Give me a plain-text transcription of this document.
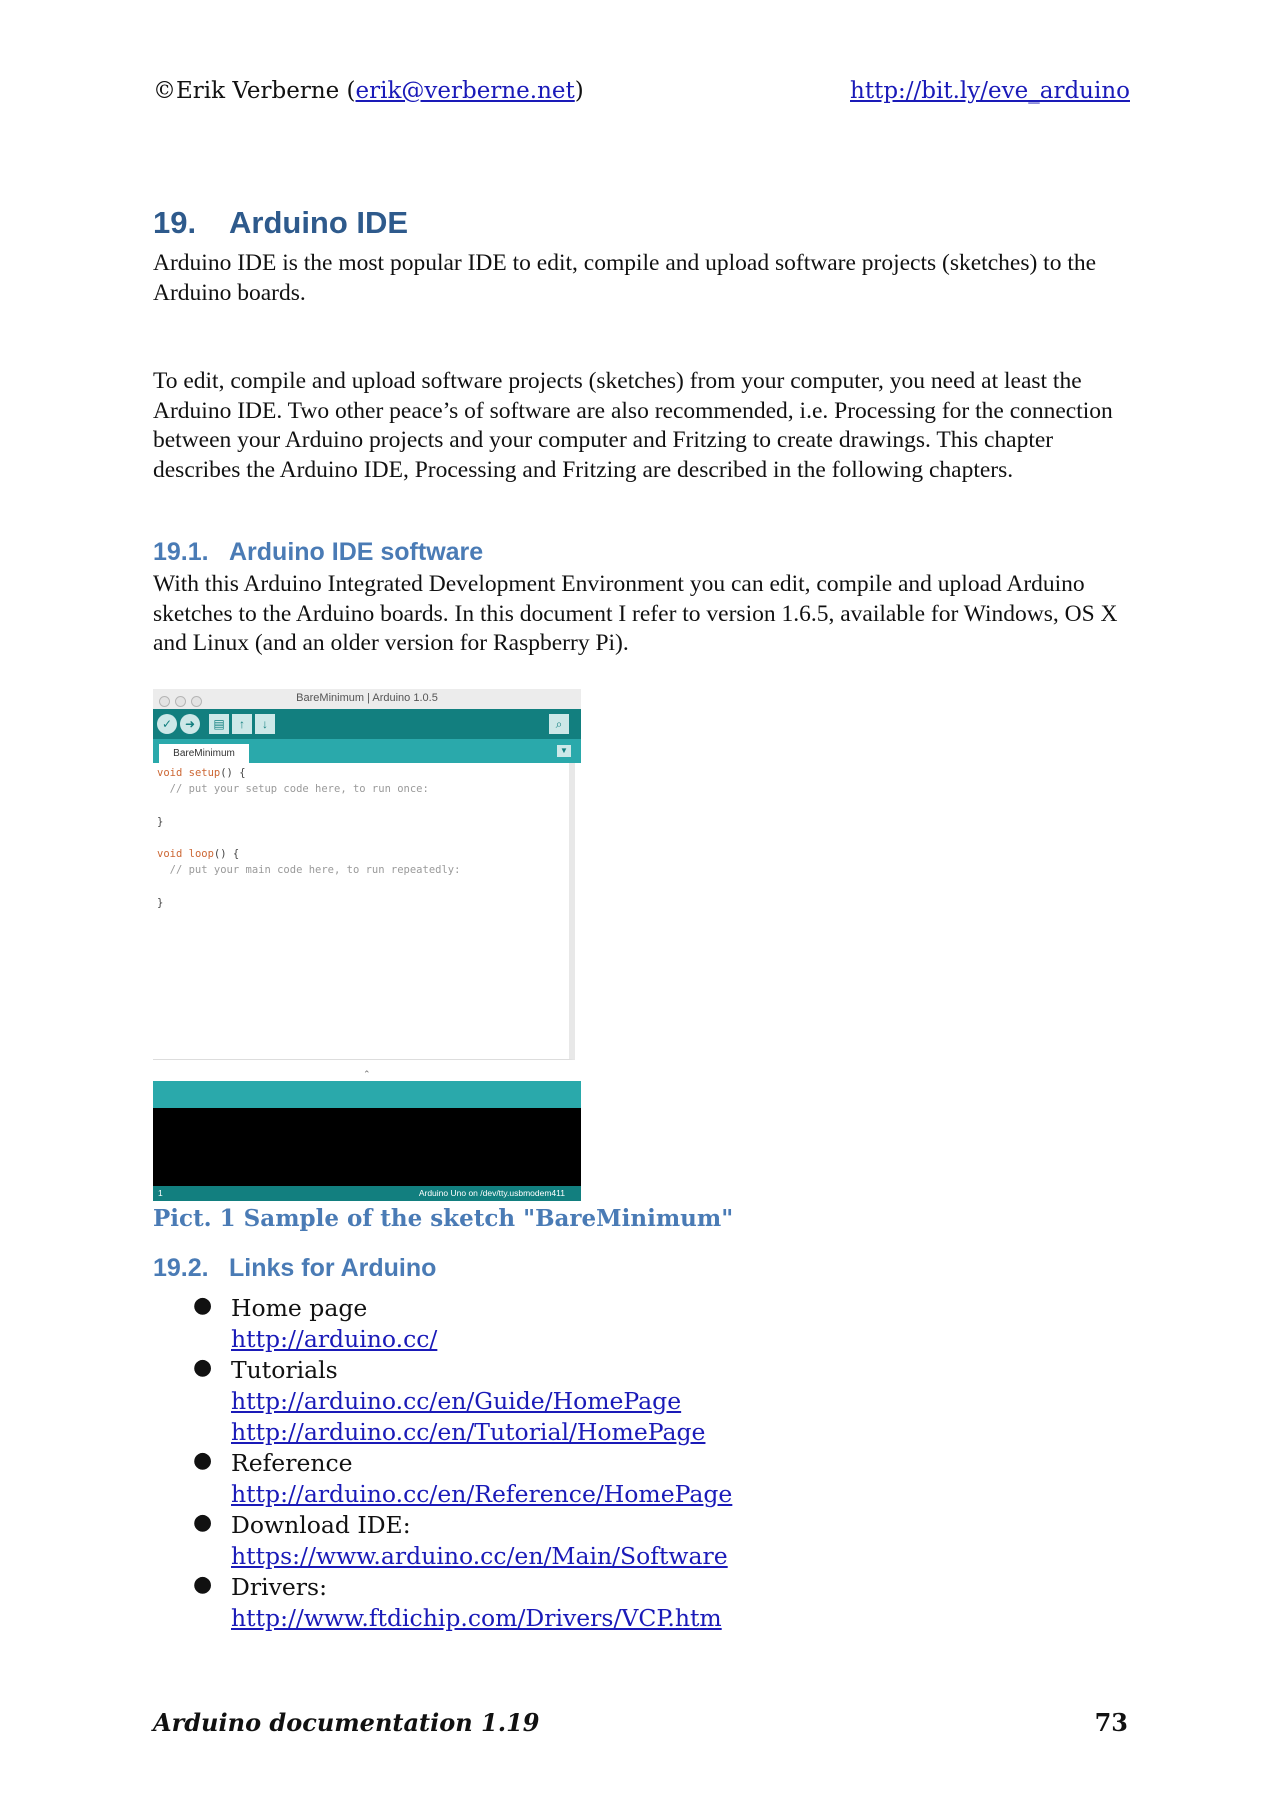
©Erik Verberne (erik@verberne.net)	http://bit.ly/eve_arduino
19. Arduino IDE
Arduino IDE is the most popular IDE to edit, compile and upload software projects (sketches) to the Arduino boards.
To edit, compile and upload software projects (sketches) from your computer, you need at least the Arduino IDE. Two other peace’s of software are also recommended, i.e. Processing for the connection between your Arduino projects and your computer and Fritzing to create drawings. This chapter describes the Arduino IDE, Processing and Fritzing are described in the following chapters.
19.1. Arduino IDE software
With this Arduino Integrated Development Environment you can edit, compile and upload Arduino sketches to the Arduino boards. In this document I refer to version 1.6.5, available for Windows, OS X and Linux (and an older version for Raspberry Pi).
BareMinimum | Arduino 1.0.5
✓	➜	▤	↑	↓	⌕
BareMinimum	▼
void setup() {
// put your setup code here, to run once:

}

void loop() {
// put your main code here, to run repeatedly:

}
⌃
1	Arduino Uno on /dev/tty.usbmodem411
Pict. 1 Sample of the sketch "BareMinimum"
19.2. Links for Arduino
● Home page
http://arduino.cc/
● Tutorials
http://arduino.cc/en/Guide/HomePage
http://arduino.cc/en/Tutorial/HomePage
● Reference
http://arduino.cc/en/Reference/HomePage
● Download IDE:
https://www.arduino.cc/en/Main/Software
● Drivers:
http://www.ftdichip.com/Drivers/VCP.htm
Arduino documentation 1.19	73
